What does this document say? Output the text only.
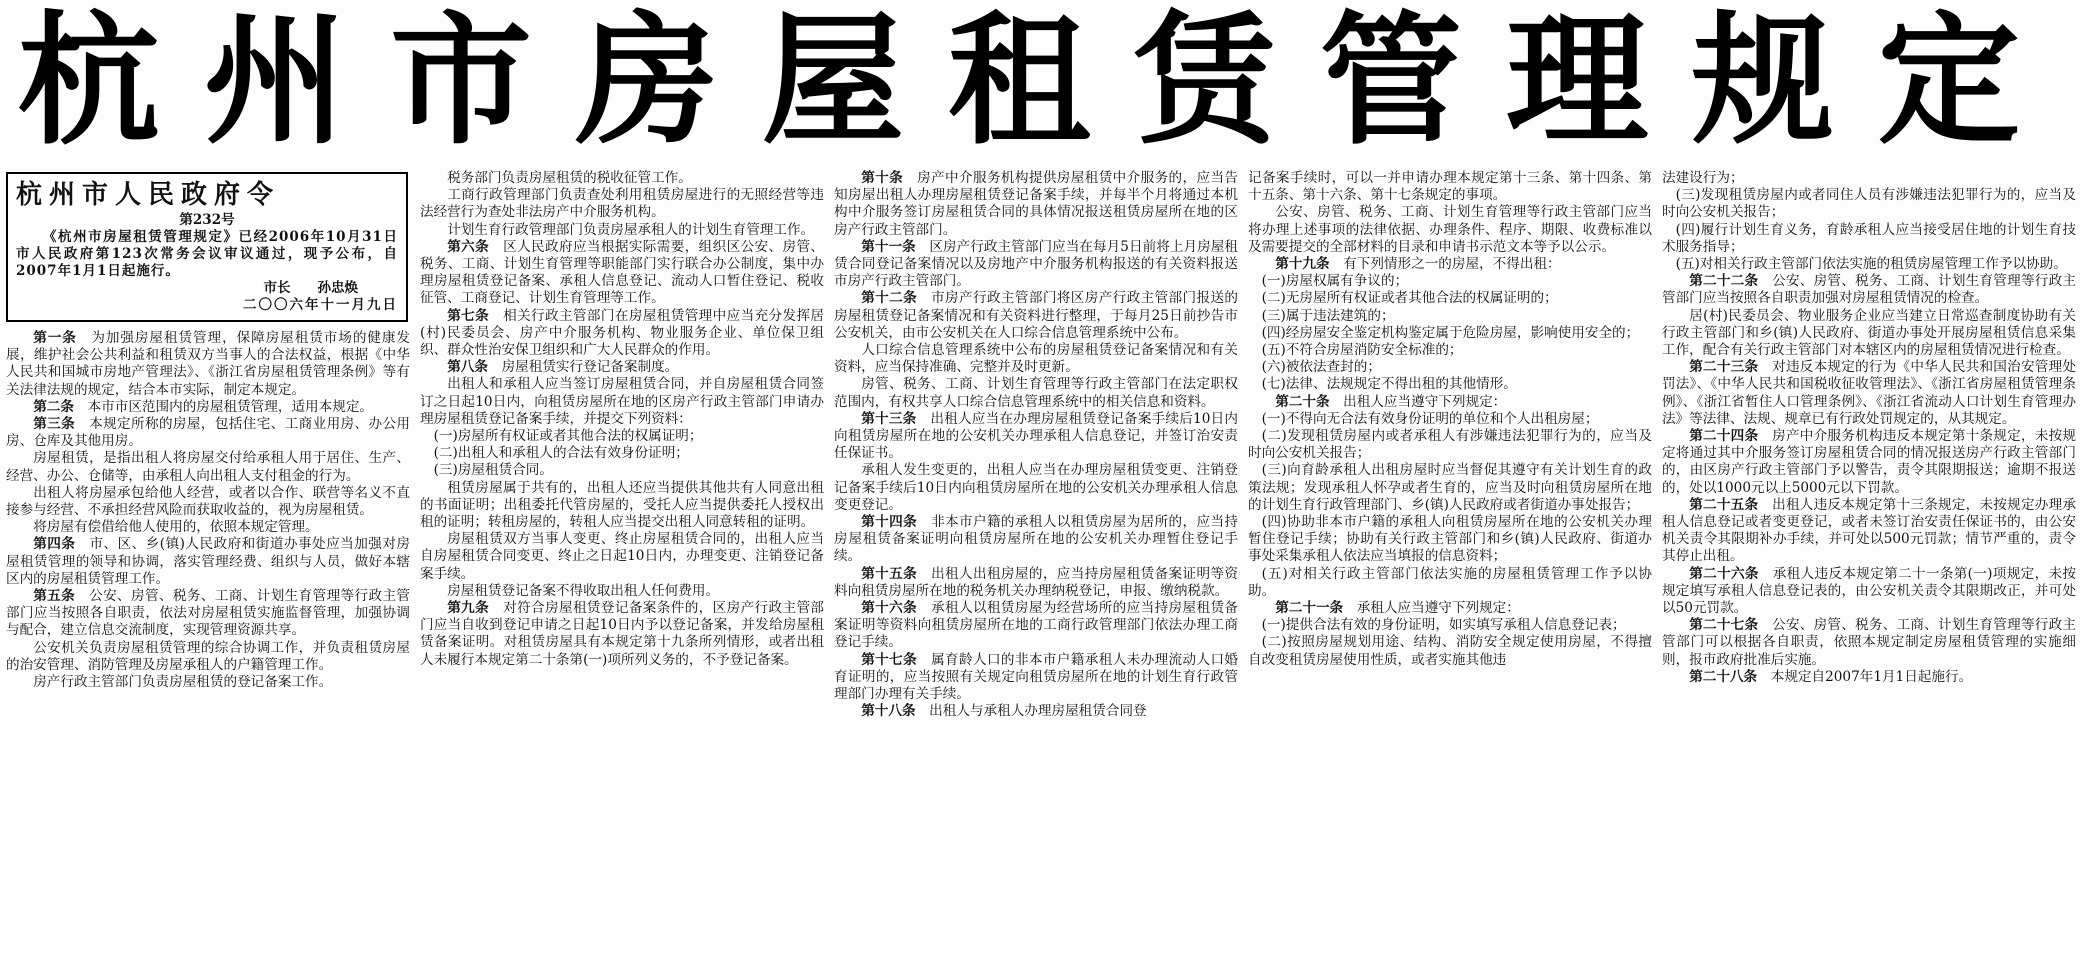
杭州市房屋租赁管理规定
杭州市人民政府令
第232号
《杭州市房屋租赁管理规定》已经2006年10月31日市人民政府第123次常务会议审议通过，现予公布，自2007年1月1日起施行。
市长　　孙忠焕
二〇〇六年十一月九日

第一条　 为加强房屋租赁管理，保障房屋租赁市场的健康发展，维护社会公共利益和租赁双方当事人的合法权益，根据《中华人民共和国城市房地产管理法》、《浙江省房屋租赁管理条例》等有关法律法规的规定，结合本市实际，制定本规定。

第二条　 本市市区范围内的房屋租赁管理，适用本规定。

第三条　 本规定所称的房屋，包括住宅、工商业用房、办公用房、仓库及其他用房。

房屋租赁，是指出租人将房屋交付给承租人用于居住、生产、经营、办公、仓储等，由承租人向出租人支付租金的行为。

出租人将房屋承包给他人经营，或者以合作、联营等名义不直接参与经营、不承担经营风险而获取收益的，视为房屋租赁。

将房屋有偿借给他人使用的，依照本规定管理。

第四条　 市、区、乡(镇)人民政府和街道办事处应当加强对房屋租赁管理的领导和协调，落实管理经费、组织与人员，做好本辖区内的房屋租赁管理工作。

第五条　 公安、房管、税务、工商、计划生育管理等行政主管部门应当按照各自职责，依法对房屋租赁实施监督管理，加强协调与配合，建立信息交流制度，实现管理资源共享。

公安机关负责房屋租赁管理的综合协调工作，并负责租赁房屋的治安管理、消防管理及房屋承租人的户籍管理工作。

房产行政主管部门负责房屋租赁的登记备案工作。

税务部门负责房屋租赁的税收征管工作。

工商行政管理部门负责查处利用租赁房屋进行的无照经营等违法经营行为查处非法房产中介服务机构。

计划生育行政管理部门负责房屋承租人的计划生育管理工作。

第六条　 区人民政府应当根据实际需要，组织区公安、房管、税务、工商、计划生育管理等职能部门实行联合办公制度，集中办理房屋租赁登记备案、承租人信息登记、流动人口暂住登记、税收征管、工商登记、计划生育管理等工作。

第七条　 相关行政主管部门在房屋租赁管理中应当充分发挥居(村)民委员会、房产中介服务机构、物业服务企业、单位保卫组织、群众性治安保卫组织和广大人民群众的作用。

第八条　 房屋租赁实行登记备案制度。

出租人和承租人应当签订房屋租赁合同，并自房屋租赁合同签订之日起10日内，向租赁房屋所在地的区房产行政主管部门申请办理房屋租赁登记备案手续，并提交下列资料：

(一)房屋所有权证或者其他合法的权属证明；

(二)出租人和承租人的合法有效身份证明；

(三)房屋租赁合同。

租赁房屋属于共有的，出租人还应当提供其他共有人同意出租的书面证明；出租委托代管房屋的，受托人应当提供委托人授权出租的证明；转租房屋的，转租人应当提交出租人同意转租的证明。

房屋租赁双方当事人变更、终止房屋租赁合同的，出租人应当自房屋租赁合同变更、终止之日起10日内，办理变更、注销登记备案手续。

房屋租赁登记备案不得收取出租人任何费用。

第九条　 对符合房屋租赁登记备案条件的，区房产行政主管部门应当自收到登记申请之日起10日内予以登记备案，并发给房屋租赁备案证明。对租赁房屋具有本规定第十九条所列情形，或者出租人未履行本规定第二十条第(一)项所列义务的，不予登记备案。

第十条　 房产中介服务机构提供房屋租赁中介服务的，应当告知房屋出租人办理房屋租赁登记备案手续，并每半个月将通过本机构中介服务签订房屋租赁合同的具体情况报送租赁房屋所在地的区房产行政主管部门。

第十一条　 区房产行政主管部门应当在每月5日前将上月房屋租赁合同登记备案情况以及房地产中介服务机构报送的有关资料报送市房产行政主管部门。

第十二条　 市房产行政主管部门将区房产行政主管部门报送的房屋租赁登记备案情况和有关资料进行整理，于每月25日前抄告市公安机关，由市公安机关在人口综合信息管理系统中公布。

人口综合信息管理系统中公布的房屋租赁登记备案情况和有关资料，应当保持准确、完整并及时更新。

房管、税务、工商、计划生育管理等行政主管部门在法定职权范围内，有权共享人口综合信息管理系统中的相关信息和资料。

第十三条　 出租人应当在办理房屋租赁登记备案手续后10日内向租赁房屋所在地的公安机关办理承租人信息登记，并签订治安责任保证书。

承租人发生变更的，出租人应当在办理房屋租赁变更、注销登记备案手续后10日内向租赁房屋所在地的公安机关办理承租人信息变更登记。

第十四条　 非本市户籍的承租人以租赁房屋为居所的，应当持房屋租赁备案证明向租赁房屋所在地的公安机关办理暂住登记手续。

第十五条　 出租人出租房屋的，应当持房屋租赁备案证明等资料向租赁房屋所在地的税务机关办理纳税登记，申报、缴纳税款。

第十六条　 承租人以租赁房屋为经营场所的应当持房屋租赁备案证明等资料向租赁房屋所在地的工商行政管理部门依法办理工商登记手续。

第十七条　 属育龄人口的非本市户籍承租人未办理流动人口婚育证明的，应当按照有关规定向租赁房屋所在地的计划生育行政管理部门办理有关手续。

第十八条　 出租人与承租人办理房屋租赁合同登

记备案手续时，可以一并申请办理本规定第十三条、第十四条、第十五条、第十六条、第十七条规定的事项。

公安、房管、税务、工商、计划生育管理等行政主管部门应当将办理上述事项的法律依据、办理条件、程序、期限、收费标准以及需要提交的全部材料的目录和申请书示范文本等予以公示。

第十九条　 有下列情形之一的房屋，不得出租：

(一)房屋权属有争议的；

(二)无房屋所有权证或者其他合法的权属证明的；

(三)属于违法建筑的；

(四)经房屋安全鉴定机构鉴定属于危险房屋，影响使用安全的；

(五)不符合房屋消防安全标准的；

(六)被依法查封的；

(七)法律、法规规定不得出租的其他情形。

第二十条　 出租人应当遵守下列规定：

(一)不得向无合法有效身份证明的单位和个人出租房屋；

(二)发现租赁房屋内或者承租人有涉嫌违法犯罪行为的，应当及时向公安机关报告；

(三)向育龄承租人出租房屋时应当督促其遵守有关计划生育的政策法规；发现承租人怀孕或者生育的，应当及时向租赁房屋所在地的计划生育行政管理部门、乡(镇)人民政府或者街道办事处报告；

(四)协助非本市户籍的承租人向租赁房屋所在地的公安机关办理暂住登记手续；协助有关行政主管部门和乡(镇)人民政府、街道办事处采集承租人依法应当填报的信息资料；

(五)对相关行政主管部门依法实施的房屋租赁管理工作予以协助。

第二十一条　 承租人应当遵守下列规定：

(一)提供合法有效的身份证明，如实填写承租人信息登记表；

(二)按照房屋规划用途、结构、消防安全规定使用房屋，不得擅自改变租赁房屋使用性质，或者实施其他违

法建设行为；

(三)发现租赁房屋内或者同住人员有涉嫌违法犯罪行为的，应当及时向公安机关报告；

(四)履行计划生育义务，育龄承租人应当接受居住地的计划生育技术服务指导；

(五)对相关行政主管部门依法实施的租赁房屋管理工作予以协助。

第二十二条　 公安、房管、税务、工商、计划生育管理等行政主管部门应当按照各自职责加强对房屋租赁情况的检查。

居(村)民委员会、物业服务企业应当建立日常巡查制度协助有关行政主管部门和乡(镇)人民政府、街道办事处开展房屋租赁信息采集工作，配合有关行政主管部门对本辖区内的房屋租赁情况进行检查。

第二十三条　 对违反本规定的行为《中华人民共和国治安管理处罚法》、《中华人民共和国税收征收管理法》、《浙江省房屋租赁管理条例》、《浙江省暂住人口管理条例》、《浙江省流动人口计划生育管理办法》等法律、法规、规章已有行政处罚规定的，从其规定。

第二十四条　 房产中介服务机构违反本规定第十条规定，未按规定将通过其中介服务签订房屋租赁合同的情况报送房产行政主管部门的，由区房产行政主管部门予以警告，责令其限期报送；逾期不报送的，处以1000元以上5000元以下罚款。

第二十五条　 出租人违反本规定第十三条规定，未按规定办理承租人信息登记或者变更登记，或者未签订治安责任保证书的，由公安机关责令其限期补办手续，并可处以500元罚款；情节严重的，责令其停止出租。

第二十六条　 承租人违反本规定第二十一条第(一)项规定，未按规定填写承租人信息登记表的，由公安机关责令其限期改正，并可处以50元罚款。

第二十七条　 公安、房管、税务、工商、计划生育管理等行政主管部门可以根据各自职责，依照本规定制定房屋租赁管理的实施细则，报市政府批准后实施。

第二十八条　 本规定自2007年1月1日起施行。
